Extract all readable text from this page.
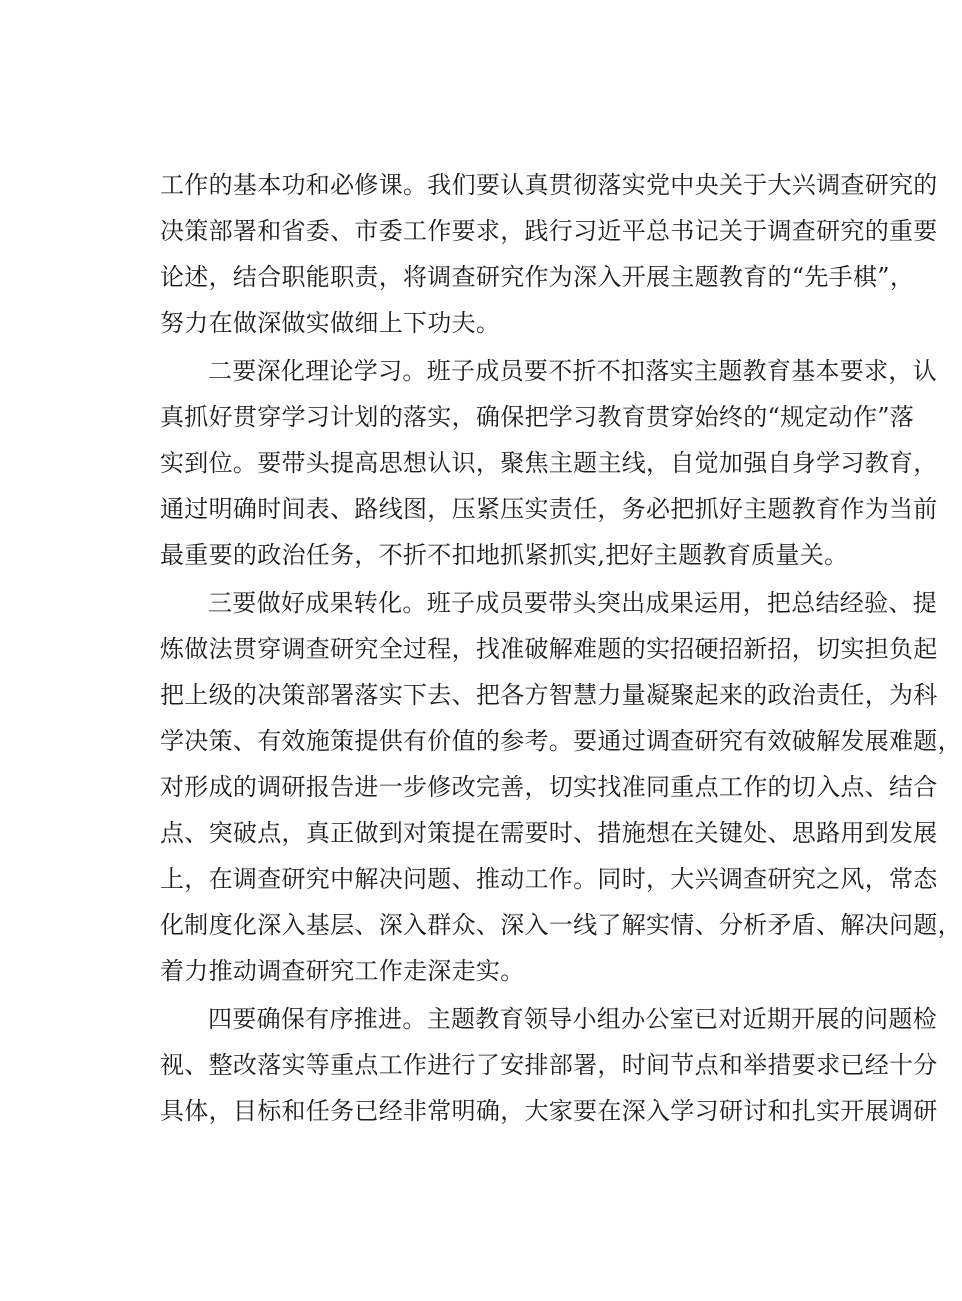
工作的基本功和必修课。我们要认真贯彻落实党中央关于大兴调查研究的
决策部署和省委、市委工作要求，践行习近平总书记关于调查研究的重要
论述，结合职能职责，将调查研究作为深入开展主题教育的“先手棋”，
努力在做深做实做细上下功夫。

二要深化理论学习。班子成员要不折不扣落实主题教育基本要求，认
真抓好贯穿学习计划的落实，确保把学习教育贯穿始终的“规定动作”落
实到位。要带头提高思想认识，聚焦主题主线，自觉加强自身学习教育，
通过明确时间表、路线图，压紧压实责任，务必把抓好主题教育作为当前
最重要的政治任务，不折不扣地抓紧抓实,把好主题教育质量关。

三要做好成果转化。班子成员要带头突出成果运用，把总结经验、提
炼做法贯穿调查研究全过程，找准破解难题的实招硬招新招，切实担负起
把上级的决策部署落实下去、把各方智慧力量凝聚起来的政治责任，为科
学决策、有效施策提供有价值的参考。要通过调查研究有效破解发展难题，
对形成的调研报告进一步修改完善，切实找准同重点工作的切入点、结合
点、突破点，真正做到对策提在需要时、措施想在关键处、思路用到发展
上，在调查研究中解决问题、推动工作。同时，大兴调查研究之风，常态
化制度化深入基层、深入群众、深入一线了解实情、分析矛盾、解决问题，
着力推动调查研究工作走深走实。

四要确保有序推进。主题教育领导小组办公室已对近期开展的问题检
视、整改落实等重点工作进行了安排部署，时间节点和举措要求已经十分
具体，目标和任务已经非常明确，大家要在深入学习研讨和扎实开展调研
